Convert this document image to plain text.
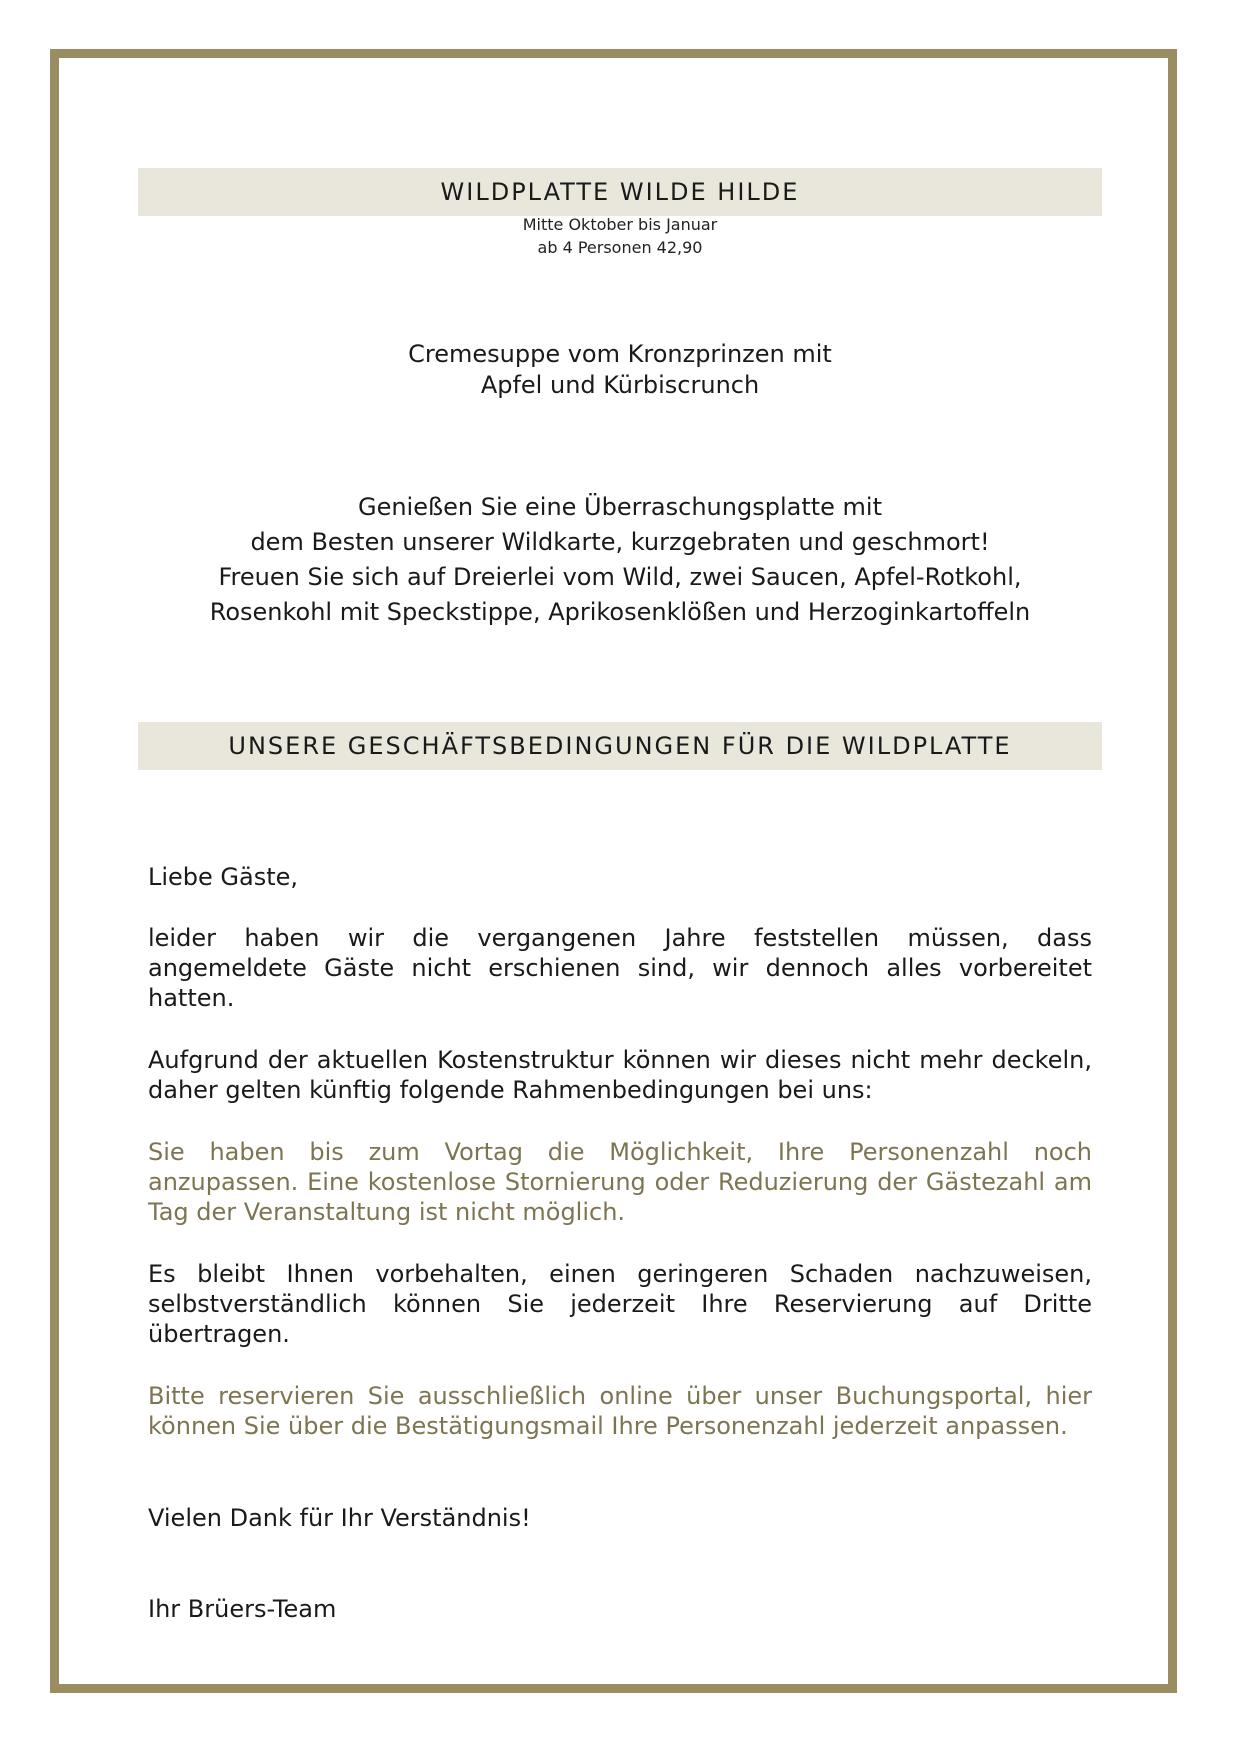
WILDPLATTE WILDE HILDE
Mitte Oktober bis Januar
ab 4 Personen 42,90
Cremesuppe vom Kronzprinzen mit
Apfel und Kürbiscrunch
Genießen Sie eine Überraschungsplatte mit
dem Besten unserer Wildkarte, kurzgebraten und geschmort!
Freuen Sie sich auf Dreierlei vom Wild, zwei Saucen, Apfel-Rotkohl,
Rosenkohl mit Speckstippe, Aprikosenklößen und Herzoginkartoffeln
UNSERE GESCHÄFTSBEDINGUNGEN FÜR DIE WILDPLATTE

Liebe Gäste,

leider haben wir die vergangenen Jahre feststellen müssen, dass angemeldete Gäste nicht erschienen sind, wir dennoch alles vorbereitet hatten.

Aufgrund der aktuellen Kostenstruktur können wir dieses nicht mehr deckeln, daher gelten künftig folgende Rahmenbedingungen bei uns:

Sie haben bis zum Vortag die Möglichkeit, Ihre Personenzahl noch anzupassen. Eine kostenlose Stornierung oder Reduzierung der Gästezahl am Tag der Veranstaltung ist nicht möglich.

Es bleibt Ihnen vorbehalten, einen geringeren Schaden nachzuweisen, selbstverständlich können Sie jederzeit Ihre Reservierung auf Dritte übertragen.

Bitte reservieren Sie ausschließlich online über unser Buchungsportal, hier können Sie über die Bestätigungsmail Ihre Personenzahl jederzeit anpassen.

Vielen Dank für Ihr Verständnis!

Ihr Brüers-Team
